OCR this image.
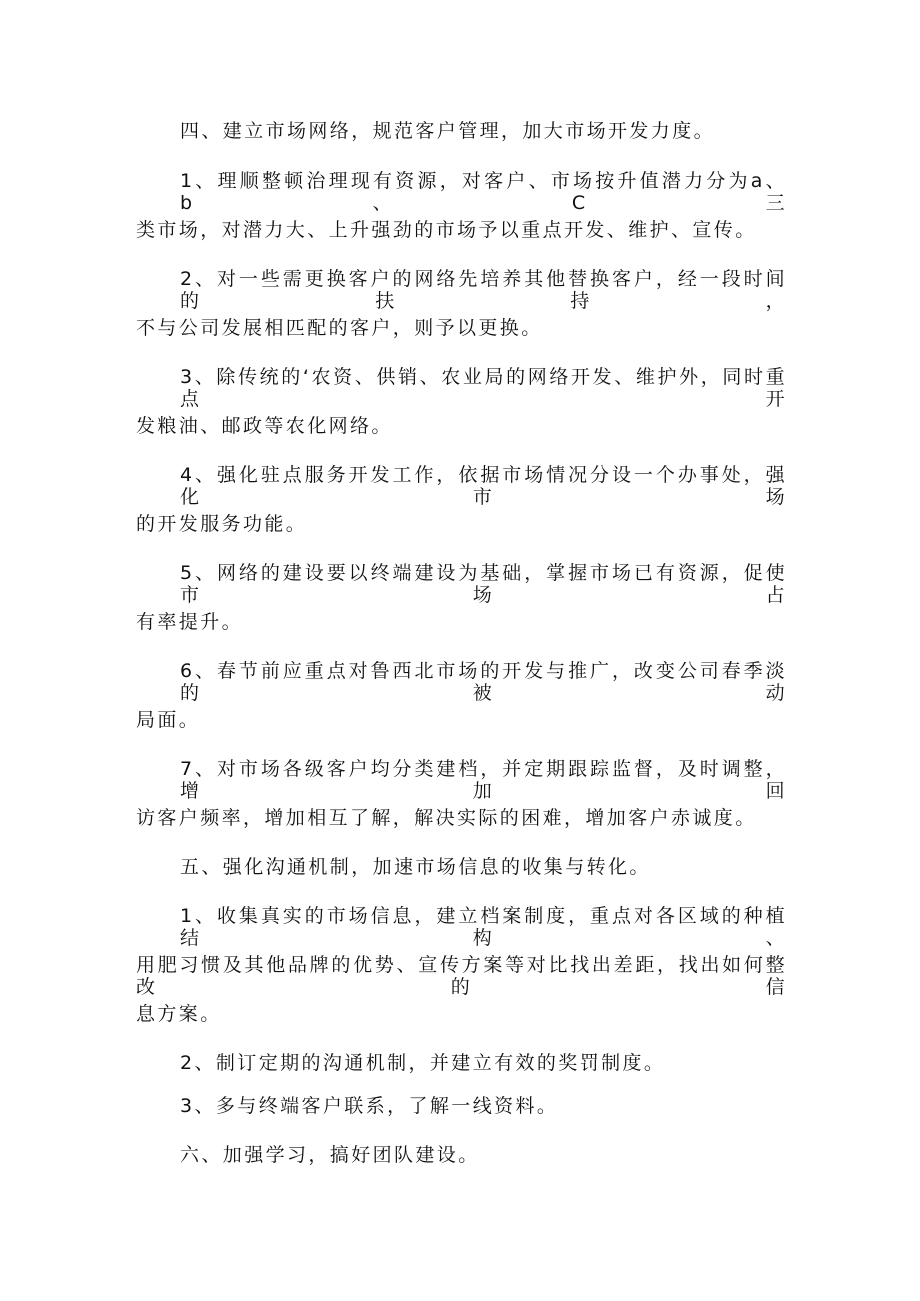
四、建立市场网络，规范客户管理，加大市场开发力度。
1、理顺整顿治理现有资源，对客户、市场按升值潜力分为a、b、C三
类市场，对潜力大、上升强劲的市场予以重点开发、维护、宣传。
2、对一些需更换客户的网络先培养其他替换客户，经一段时间的扶持，
不与公司发展相匹配的客户，则予以更换。
3、除传统的‘农资、供销、农业局的网络开发、维护外，同时重点开
发粮油、邮政等农化网络。
4、强化驻点服务开发工作，依据市场情况分设一个办事处，强化市场
的开发服务功能。
5、网络的建设要以终端建设为基础，掌握市场已有资源，促使市场占
有率提升。
6、春节前应重点对鲁西北市场的开发与推广，改变公司春季淡的被动
局面。
7、对市场各级客户均分类建档，并定期跟踪监督，及时调整，增加回
访客户频率，增加相互了解，解决实际的困难，增加客户赤诚度。
五、强化沟通机制，加速市场信息的收集与转化。
1、收集真实的市场信息，建立档案制度，重点对各区域的种植结构、
用肥习惯及其他品牌的优势、宣传方案等对比找出差距，找出如何整改的信
息方案。
2、制订定期的沟通机制，并建立有效的奖罚制度。
3、多与终端客户联系，了解一线资料。
六、加强学习，搞好团队建设。
